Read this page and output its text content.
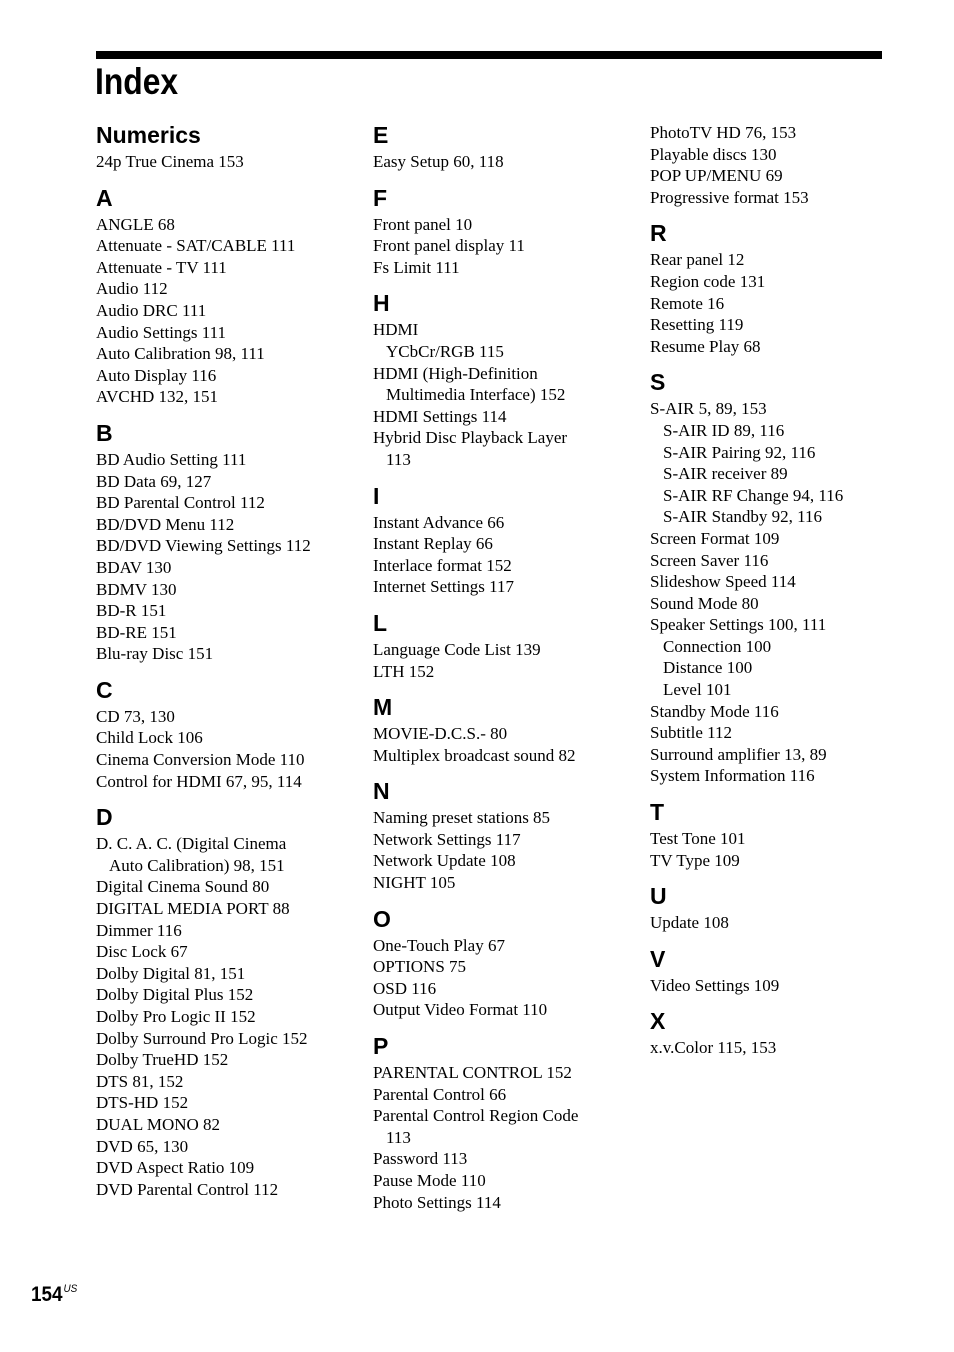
Index
Numerics
24p True Cinema 153
A
ANGLE 68
Attenuate - SAT/CABLE 111
Attenuate - TV 111
Audio 112
Audio DRC 111
Audio Settings 111
Auto Calibration 98, 111
Auto Display 116
AVCHD 132, 151
B
BD Audio Setting 111
BD Data 69, 127
BD Parental Control 112
BD/DVD Menu 112
BD/DVD Viewing Settings 112
BDAV 130
BDMV 130
BD-R 151
BD-RE 151
Blu-ray Disc 151
C
CD 73, 130
Child Lock 106
Cinema Conversion Mode 110
Control for HDMI 67, 95, 114
D
D. C. A. C. (Digital Cinema
Auto Calibration) 98, 151
Digital Cinema Sound 80
DIGITAL MEDIA PORT 88
Dimmer 116
Disc Lock 67
Dolby Digital 81, 151
Dolby Digital Plus 152
Dolby Pro Logic II 152
Dolby Surround Pro Logic 152
Dolby TrueHD 152
DTS 81, 152
DTS-HD 152
DUAL MONO 82
DVD 65, 130
DVD Aspect Ratio 109
DVD Parental Control 112
E
Easy Setup 60, 118
F
Front panel 10
Front panel display 11
Fs Limit 111
H
HDMI
YCbCr/RGB 115
HDMI (High-Definition
Multimedia Interface) 152
HDMI Settings 114
Hybrid Disc Playback Layer
113
I
Instant Advance 66
Instant Replay 66
Interlace format 152
Internet Settings 117
L
Language Code List 139
LTH 152
M
MOVIE-D.C.S.- 80
Multiplex broadcast sound 82
N
Naming preset stations 85
Network Settings 117
Network Update 108
NIGHT 105
O
One-Touch Play 67
OPTIONS 75
OSD 116
Output Video Format 110
P
PARENTAL CONTROL 152
Parental Control 66
Parental Control Region Code
113
Password 113
Pause Mode 110
Photo Settings 114
PhotoTV HD 76, 153
Playable discs 130
POP UP/MENU 69
Progressive format 153
R
Rear panel 12
Region code 131
Remote 16
Resetting 119
Resume Play 68
S
S-AIR 5, 89, 153
S-AIR ID 89, 116
S-AIR Pairing 92, 116
S-AIR receiver 89
S-AIR RF Change 94, 116
S-AIR Standby 92, 116
Screen Format 109
Screen Saver 116
Slideshow Speed 114
Sound Mode 80
Speaker Settings 100, 111
Connection 100
Distance 100
Level 101
Standby Mode 116
Subtitle 112
Surround amplifier 13, 89
System Information 116
T
Test Tone 101
TV Type 109
U
Update 108
V
Video Settings 109
X
x.v.Color 115, 153
$154^{US}$
